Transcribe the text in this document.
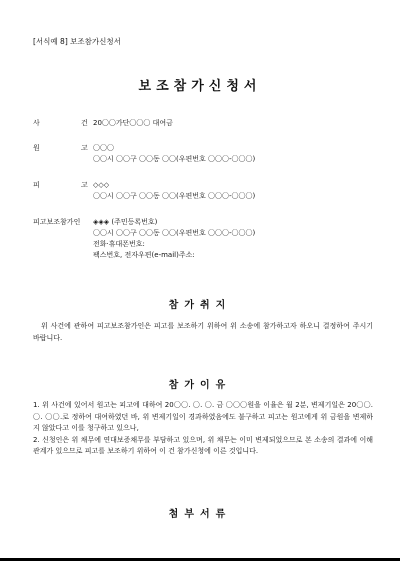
[서식예 8] 보조참가신청서
보조참가신청서
사	건 20〇〇가단〇〇〇 대여금
원	고 〇〇〇
〇〇시 〇〇구 〇〇동 〇〇(우편번호 〇〇〇-〇〇〇)
피	고 ◇◇◇
〇〇시 〇〇구 〇〇동 〇〇(우편번호 〇〇〇-〇〇〇)
피고보조참가인 ◈◈◈ (주민등록번호)
〇〇시 〇〇구 〇〇동 〇〇(우편번호 〇〇〇-〇〇〇)
전화·휴대폰번호:
팩스번호, 전자우편(e-mail)주소:
참가취지

위 사건에 관하여 피고보조참가인은 피고를 보조하기 위하여 위 소송에 참가하고자 하오니 결정하여 주시기 바랍니다.

참가이유

1. 위 사건에 있어서 원고는 피고에 대하여 20〇〇. 〇. 〇. 금 〇〇〇원을 이율은 월 2분, 변제기일은 20〇〇. 〇. 〇〇.로 정하여 대여하였던 바, 위 변제기일이 경과하였음에도 불구하고 피고는 원고에게 위 금원을 변제하지 않았다고 이를 청구하고 있으나,

2. 신청인은 위 채무에 연대보증채무를 부담하고 있으며, 위 채무는 이미 변제되었으므로 본 소송의 결과에 이해관계가 있으므로 피고를 보조하기 위하여 이 건 참가신청에 이른 것입니다.

첨부서류
